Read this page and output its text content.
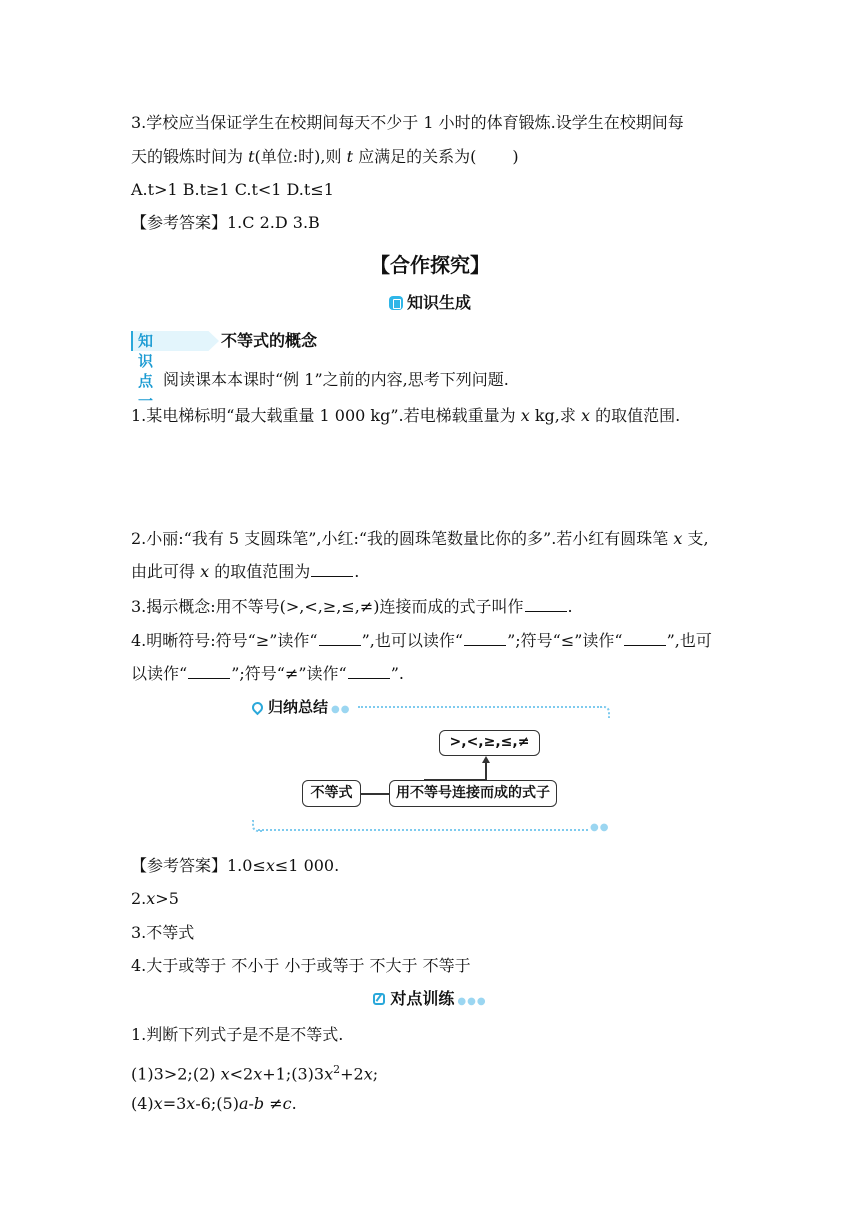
3.学校应当保证学生在校期间每天不少于 1 小时的体育锻炼.设学生在校期间每
天的锻炼时间为 t(单位:时),则 t 应满足的关系为( )
A.t>1 B.t≥1 C.t<1 D.t≤1
【参考答案】1.C 2.D 3.B
【合作探究】
知识生成
知识点一
不等式的概念
阅读课本本课时“例 1”之前的内容,思考下列问题.
1.某电梯标明“最大载重量 1 000 kg”.若电梯载重量为 x kg,求 x 的取值范围.
2.小丽:“我有 5 支圆珠笔”,小红:“我的圆珠笔数量比你的多”.若小红有圆珠笔 x 支,
由此可得 x 的取值范围为	.
3.揭示概念:用不等号(>,<,≥,≤,≠)连接而成的式子叫作	.
4.明晰符号:符号“≥”读作“	”,也可以读作“	”;符号“≤”读作“	”,也可
以读作“	”;符号“≠”读作“	”.
归纳总结 ●●
>,<,≥,≤,≠
不等式	用不等号连接而成的式子
●●
【参考答案】1.0≤x≤1 000.
2.x>5
3.不等式
4.大于或等于 不小于 小于或等于 不大于 不等于
对点训练 ●●●
1.判断下列式子是不是不等式.
(1)3>2;(2) $x<2x+1;(3)3x^2+2x$;
(4)x=3x-6;(5)a-b ≠c.
